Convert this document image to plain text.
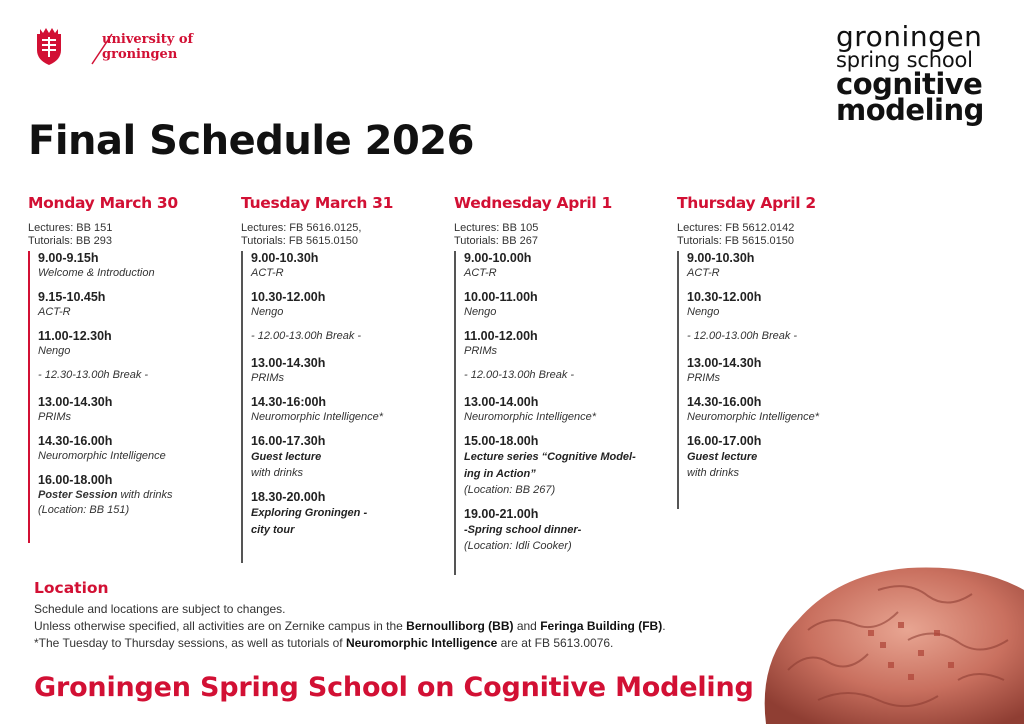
university of
groningen
groningen
spring school
cognitive
modeling
Final Schedule 2026
Monday March 30
Lectures: BB 151
Tutorials: BB 293
9.00-9.15h
Welcome & Introduction
9.15-10.45h
ACT-R
11.00-12.30h
Nengo
- 12.30-13.00h Break -
13.00-14.30h
PRIMs
14.30-16.00h
Neuromorphic Intelligence
16.00-18.00h
Poster Session with drinks
(Location: BB 151)
Tuesday March 31
Lectures: FB 5616.0125,
Tutorials: FB 5615.0150
9.00-10.30h
ACT-R
10.30-12.00h
Nengo
- 12.00-13.00h Break -
13.00-14.30h
PRIMs
14.30-16:00h
Neuromorphic Intelligence*
16.00-17.30h
Guest lecture
with drinks
18.30-20.00h
Exploring Groningen - city tour
Wednesday April 1
Lectures: BB 105
Tutorials: BB 267
9.00-10.00h
ACT-R
10.00-11.00h
Nengo
11.00-12.00h
PRIMs
- 12.00-13.00h Break -
13.00-14.00h
Neuromorphic Intelligence*
15.00-18.00h
Lecture series “Cognitive Model-ing in Action”
(Location: BB 267)
19.00-21.00h
-Spring school dinner-
(Location: Idli Cooker)
Thursday April 2
Lectures: FB 5612.0142
Tutorials: FB 5615.0150
9.00-10.30h
ACT-R
10.30-12.00h
Nengo
- 12.00-13.00h Break -
13.00-14.30h
PRIMs
14.30-16.00h
Neuromorphic Intelligence*
16.00-17.00h
Guest lecture
with drinks
Location

Schedule and locations are subject to changes.

Unless otherwise specified, all activities are on Zernike campus in the Bernoulliborg (BB) and Feringa Building (FB).

*The Tuesday to Thursday sessions, as well as tutorials of Neuromorphic Intelligence are at FB 5613.0076.

Groningen Spring School on Cognitive Modeling
